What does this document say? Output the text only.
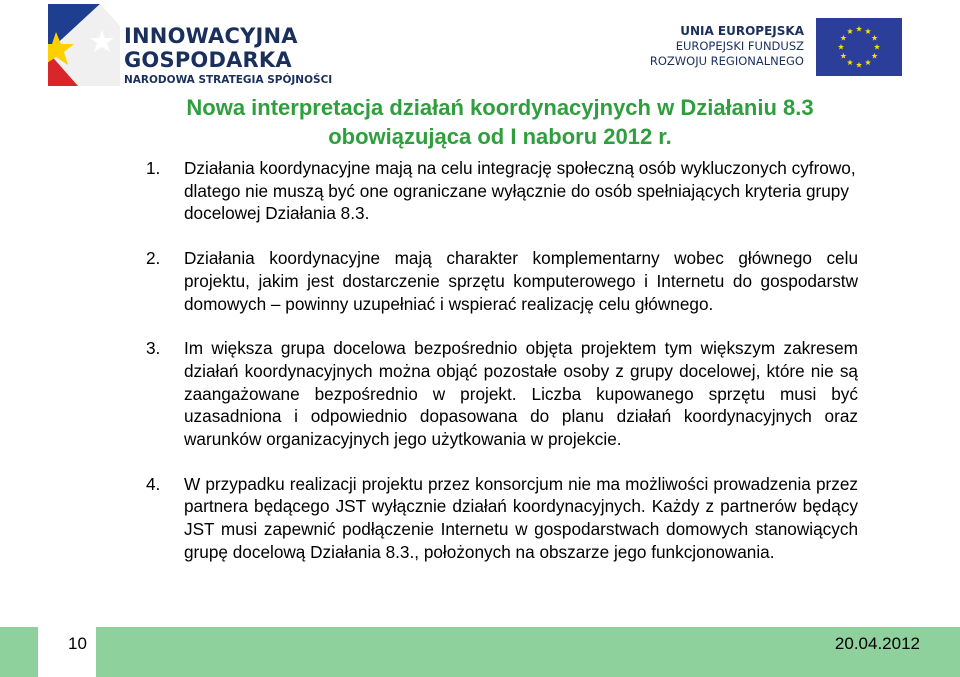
INNOWACYJNA
GOSPODARKA
NARODOWA STRATEGIA SPÓJNOŚCI
UNIA EUROPEJSKA
EUROPEJSKI FUNDUSZ
ROZWOJU REGIONALNEGO
Nowa interpretacja działań koordynacyjnych w Działaniu 8.3
obowiązująca od I naboru 2012 r.
1. Działania koordynacyjne mają na celu integrację społeczną osób wykluczonych cyfrowo, dlatego nie muszą być one ograniczane wyłącznie do osób spełniających kryteria grupy docelowej Działania 8.3.
2. Działania koordynacyjne mają charakter komplementarny wobec głównego celu projektu, jakim jest dostarczenie sprzętu komputerowego i Internetu do gospodarstw domowych – powinny uzupełniać i wspierać realizację celu głównego.
3. Im większa grupa docelowa bezpośrednio objęta projektem tym większym zakresem działań koordynacyjnych można objąć pozostałe osoby z grupy docelowej, które nie są zaangażowane bezpośrednio w projekt. Liczba kupowanego sprzętu musi być uzasadniona i odpowiednio dopasowana do planu działań koordynacyjnych oraz warunków organizacyjnych jego użytkowania w projekcie.
4. W przypadku realizacji projektu przez konsorcjum nie ma możliwości prowadzenia przez partnera będącego JST wyłącznie działań koordynacyjnych. Każdy z partnerów będący JST musi zapewnić podłączenie Internetu w gospodarstwach domowych stanowiących grupę docelową Działania 8.3., położonych na obszarze jego funkcjonowania.
10	20.04.2012
